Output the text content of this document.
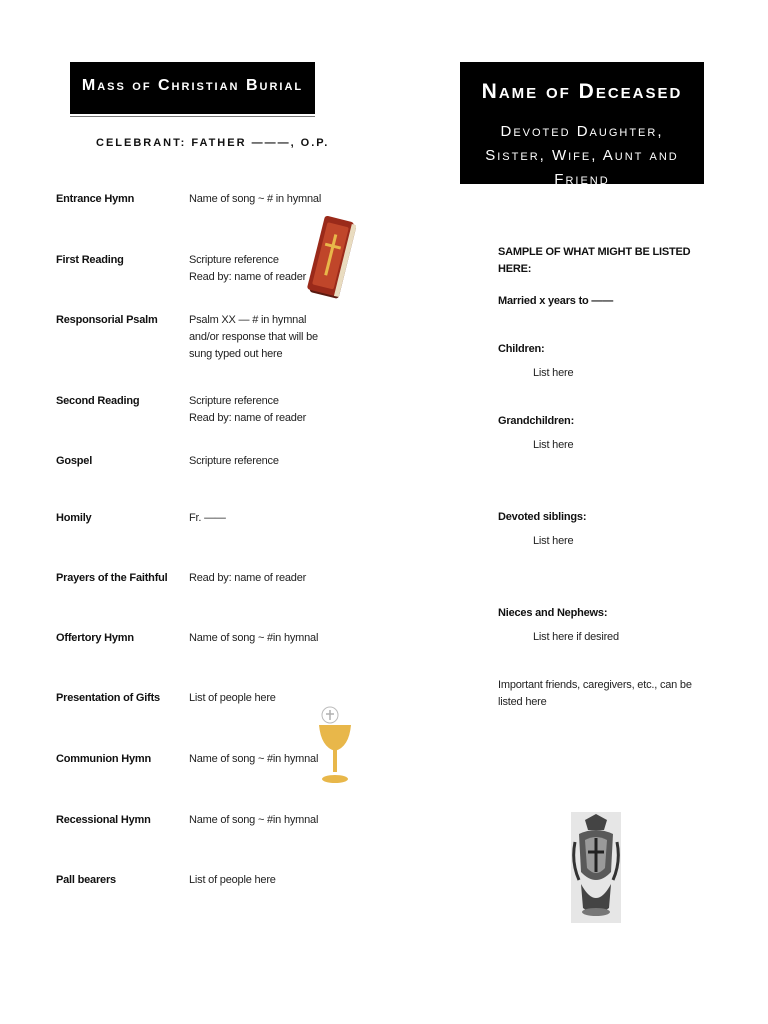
Mass of Christian Burial
CELEBRANT: FATHER ———, O.P.
Entrance Hymn	Name of song ~ # in hymnal
First Reading	Scripture reference
Read by: name of reader
Responsorial Psalm	Psalm XX — # in hymnal and/or response that will be sung typed out here
Second Reading	Scripture reference
Read by: name of reader
Gospel	Scripture reference
Homily	Fr. ——
Prayers of the Faithful	Read by: name of reader
Offertory Hymn	Name of song ~ #in hymnal
Presentation of Gifts	List of people here
Communion Hymn	Name of song ~ #in hymnal
Recessional Hymn	Name of song ~ #in hymnal
Pall bearers	List of people here
Name of Deceased
Devoted Daughter, Sister, Wife, Aunt and Friend
SAMPLE OF WHAT MIGHT BE LISTED HERE:
Married x years to ——
Children:
List here
Grandchildren:
List here
Devoted siblings:
List here
Nieces and Nephews:
List here if desired
Important friends, caregivers, etc., can be listed here
